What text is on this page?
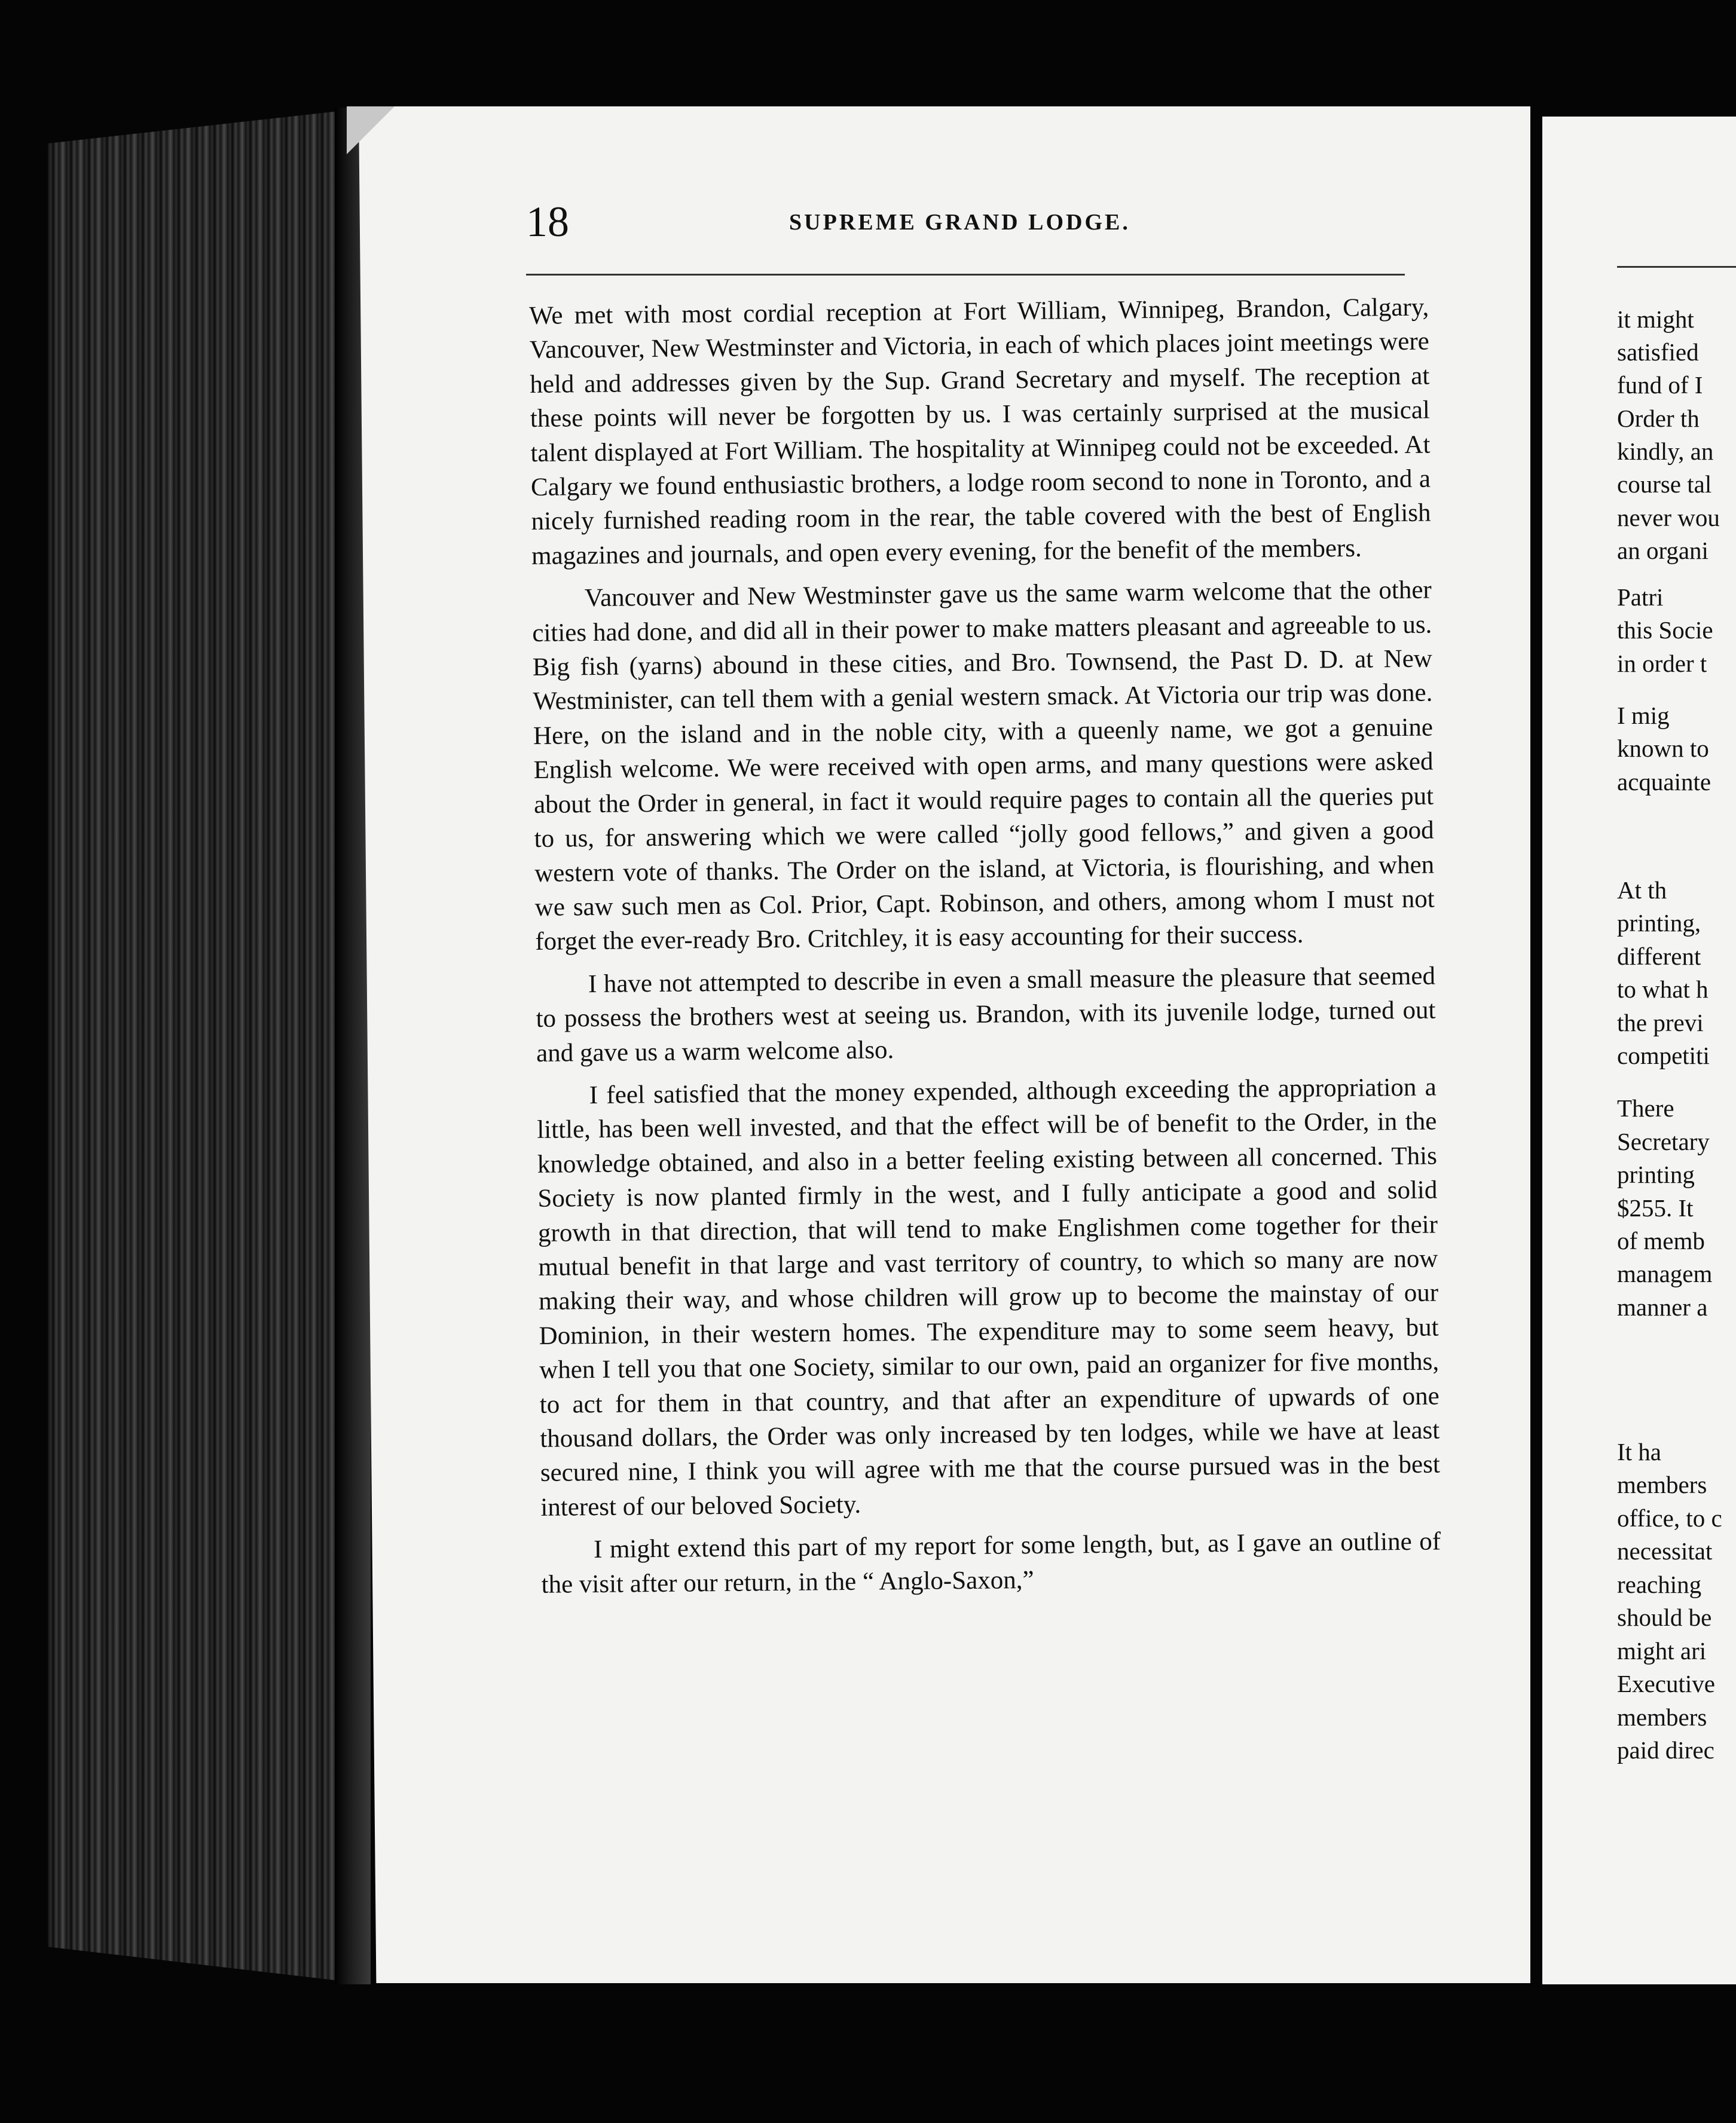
18	SUPREME GRAND LODGE.

We met with most cordial reception at Fort William, Winnipeg, Brandon, Calgary, Vancouver, New Westminster and Victoria, in each of which places joint meetings were held and addresses given by the Sup. Grand Secretary and myself. The reception at these points will never be forgotten by us. I was certainly surprised at the musical talent displayed at Fort William. The hospitality at Winnipeg could not be exceeded. At Calgary we found enthusiastic brothers, a lodge room second to none in Toronto, and a nicely furnished reading room in the rear, the table covered with the best of English magazines and journals, and open every evening, for the benefit of the members.

Vancouver and New Westminster gave us the same warm welcome that the other cities had done, and did all in their power to make matters pleasant and agreeable to us. Big fish (yarns) abound in these cities, and Bro. Townsend, the Past D. D. at New Westminister, can tell them with a genial western smack. At Victoria our trip was done. Here, on the island and in the noble city, with a queenly name, we got a genuine English welcome. We were received with open arms, and many questions were asked about the Order in general, in fact it would require pages to contain all the queries put to us, for answering which we were called “jolly good fellows,” and given a good western vote of thanks. The Order on the island, at Victoria, is flourishing, and when we saw such men as Col. Prior, Capt. Robinson, and others, among whom I must not forget the ever-ready Bro. Critchley, it is easy accounting for their success.

I have not attempted to describe in even a small measure the pleasure that seemed to possess the brothers west at seeing us. Brandon, with its juvenile lodge, turned out and gave us a warm welcome also.

I feel satisfied that the money expended, although exceeding the appropriation a little, has been well invested, and that the effect will be of benefit to the Order, in the knowledge obtained, and also in a better feeling existing between all concerned. This Society is now planted firmly in the west, and I fully anticipate a good and solid growth in that direction, that will tend to make Englishmen come together for their mutual benefit in that large and vast territory of country, to which so many are now making their way, and whose children will grow up to become the mainstay of our Dominion, in their western homes. The expenditure may to some seem heavy, but when I tell you that one Society, similar to our own, paid an organizer for five months, to act for them in that country, and that after an expenditure of upwards of one thousand dollars, the Order was only increased by ten lodges, while we have at least secured nine, I think you will agree with me that the course pursued was in the best interest of our beloved Society.

I might extend this part of my report for some length, but, as I gave an outline of the visit after our return, in the “ Anglo-Saxon,”

it might
satisfied
fund of I
Order th
kindly, an
course tal
never wou
an organi
Patri
this Socie
in order t
I mig
known to
acquainte
At th
printing,
different
to what h
the previ
competiti
There
Secretary
printing
$255. It
of memb
managem
manner a
It ha
members
office, to c
necessitat
reaching
should be
might ari
Executive
members
paid direc
